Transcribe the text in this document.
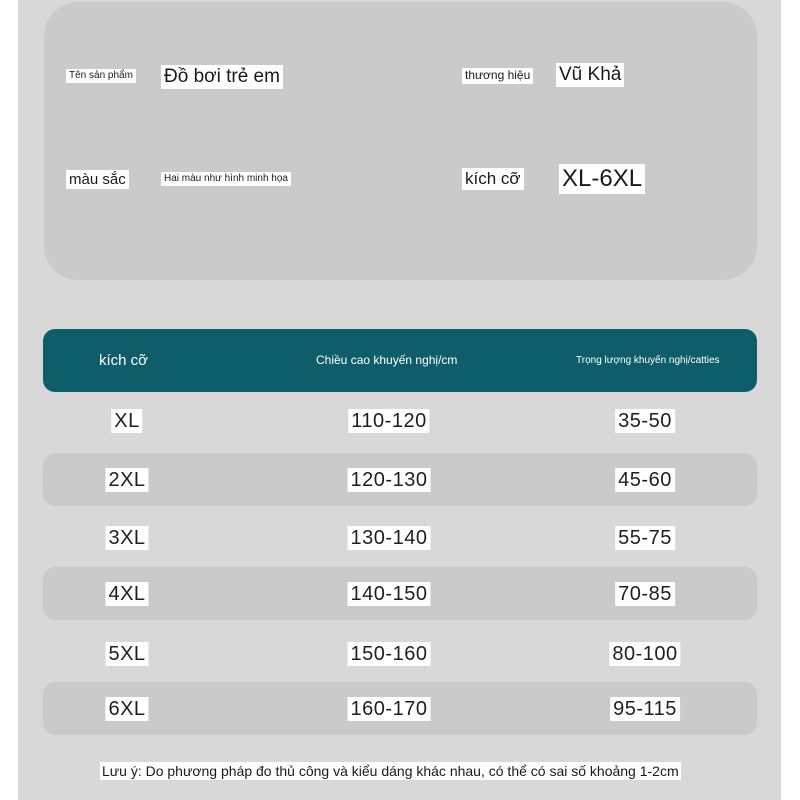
Tên sản phẩm Đồ bơi trẻ em	thương hiệu Vũ Khả
màu sắc	Hai màu như hình minh họa	kích cỡ XL-6XL
kích cỡ	Chiều cao khuyến nghị/cm	Trọng lượng khuyến nghị/catties
XL	110-120	35-50
2XL	120-130	45-60
3XL	130-140	55-75
4XL	140-150	70-85
5XL	150-160	80-100
6XL	160-170	95-115
Lưu ý: Do phương pháp đo thủ công và kiểu dáng khác nhau, có thể có sai số khoảng 1-2cm
